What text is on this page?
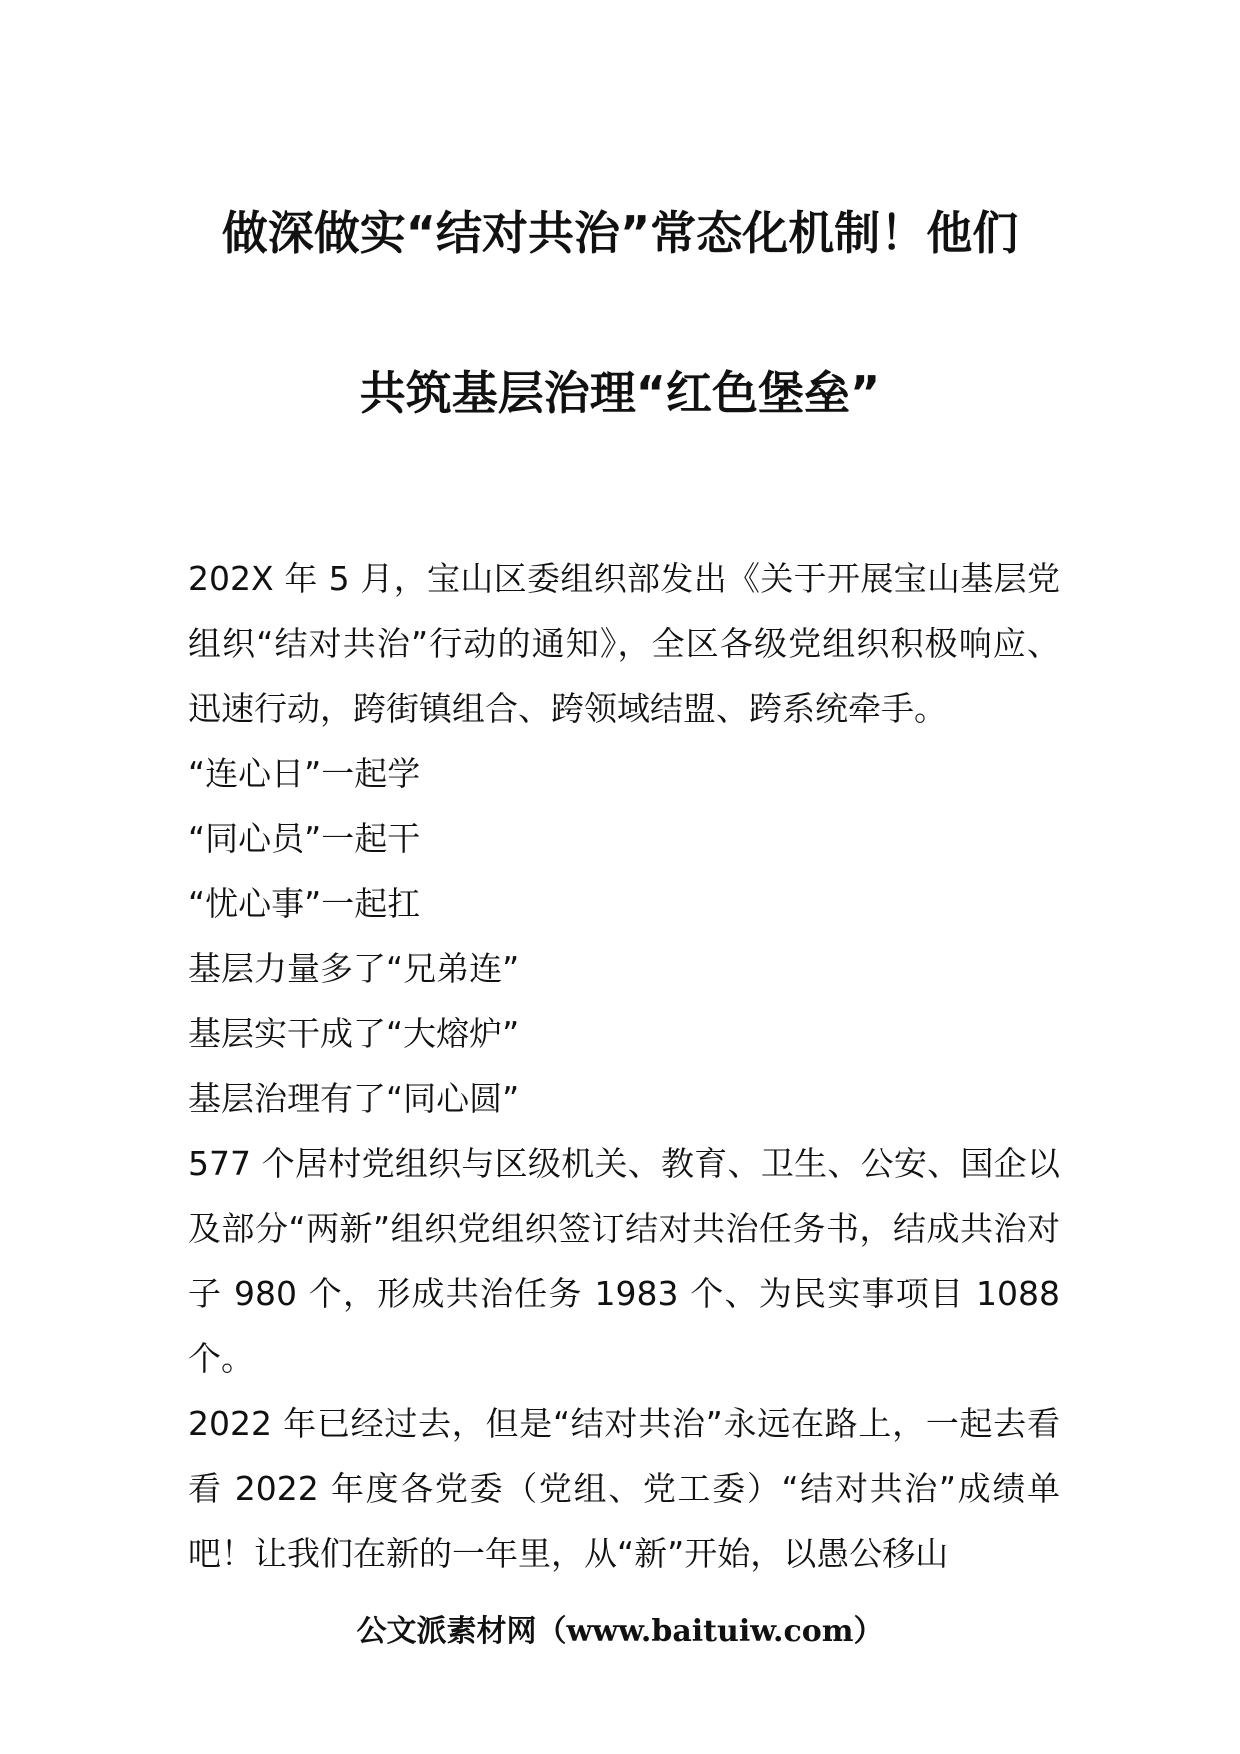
做深做实“结对共治”常态化机制！他们
共筑基层治理“红色堡垒”

202X 年 5 月，宝山区委组织部发出《关于开展宝山基层党组织“结对共治”行动的通知》，全区各级党组织积极响应、迅速行动，跨街镇组合、跨领域结盟、跨系统牵手。

“连心日”一起学

“同心员”一起干

“忧心事”一起扛

基层力量多了“兄弟连”

基层实干成了“大熔炉”

基层治理有了“同心圆”

577 个居村党组织与区级机关、教育、卫生、公安、国企以及部分“两新”组织党组织签订结对共治任务书，结成共治对子 980 个，形成共治任务 1983 个、为民实事项目 1088 个。

2022 年已经过去，但是“结对共治”永远在路上，一起去看看 2022 年度各党委（党组、党工委）“结对共治”成绩单吧！让我们在新的一年里，从“新”开始，以愚公移山

公文派素材网（www.baituiw.com）
